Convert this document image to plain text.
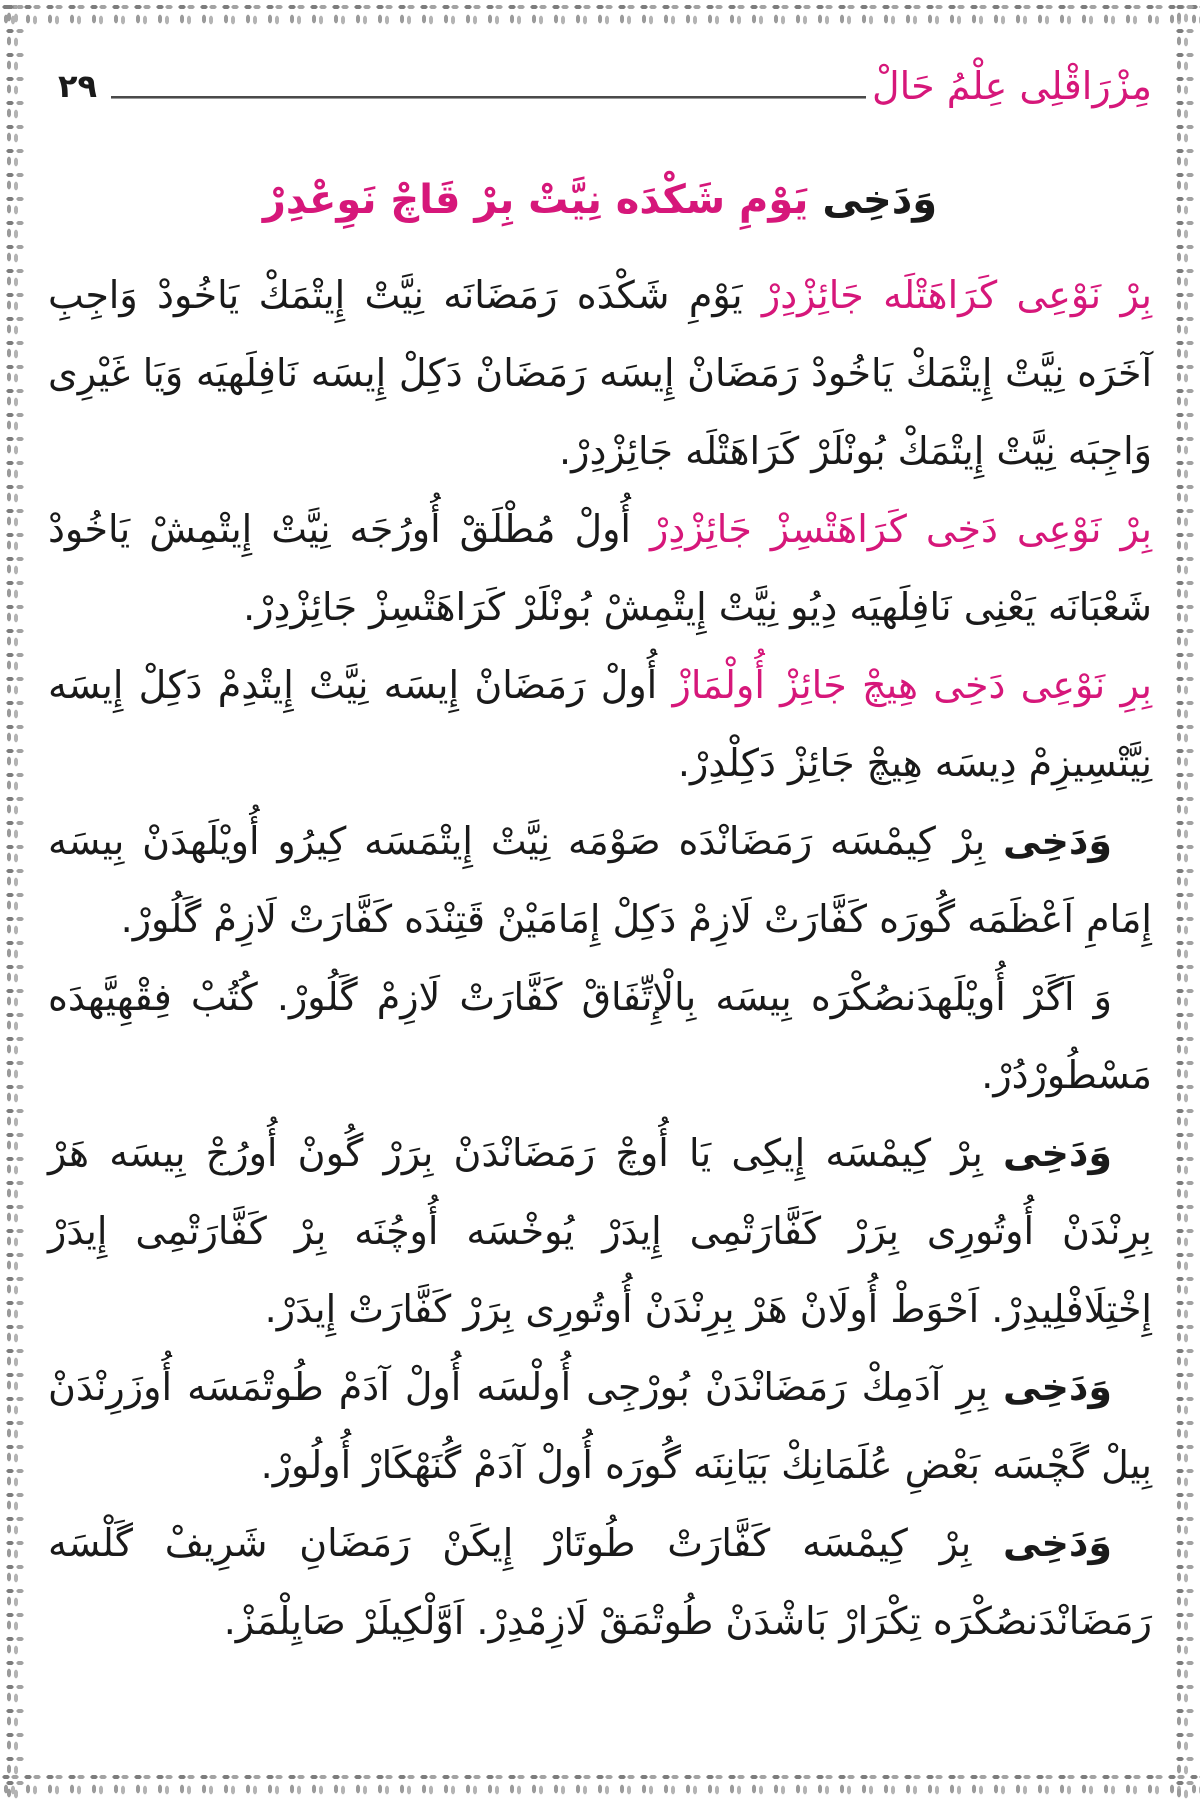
مِزْرَاقْلِى عِلْمُ حَالْ
٢٩
وَدَخِى يَوْمِ شَكْدَه نِيَّتْ بِرْ قَاچْ نَوِعْدِرْ

بِرْ نَوْعِى كَرَاهَتْلَه جَائِزْدِرْ يَوْمِ شَكْدَه رَمَضَانَه نِيَّتْ إِيتْمَكْ يَاخُودْ وَاجِبِ آخَرَه نِيَّتْ إِيتْمَكْ يَاخُودْ رَمَضَانْ إِيسَه رَمَضَانْ دَكِلْ إِيسَه نَافِلَهيَه وَيَا غَيْرِى وَاجِبَه نِيَّتْ إِيتْمَكْ بُونْلَرْ كَرَاهَتْلَه جَائِزْدِرْ.

بِرْ نَوْعِى دَخِى كَرَاهَتْسِزْ جَائِزْدِرْ أُولْ مُطْلَقْ أُورُجَه نِيَّتْ إِيتْمِشْ يَاخُودْ شَعْبَانَه يَعْنِى نَافِلَهيَه دِيُو نِيَّتْ إِيتْمِشْ بُونْلَرْ كَرَاهَتْسِزْ جَائِزْدِرْ.

بِرِ نَوْعِى دَخِى هِيچْ جَائِزْ أُولْمَازْ أُولْ رَمَضَانْ إِيسَه نِيَّتْ إِيتْدِمْ دَكِلْ إِيسَه نِيَّتْسِيزِمْ دِيسَه هِيچْ جَائِزْ دَكِلْدِرْ.

وَدَخِى بِرْ كِيمْسَه رَمَضَانْدَه صَوْمَه نِيَّتْ إِيتْمَسَه كِيرُو أُويْلَهدَنْ بِيسَه إِمَامِ اَعْظَمَه گُورَه كَفَّارَتْ لَازِمْ دَكِلْ إِمَامَيْنْ قَتِنْدَه كَفَّارَتْ لَازِمْ گَلُورْ.

وَ اَگَرْ أُويْلَهدَنصُكْرَه بِيسَه بِالْإِتِّفَاقْ كَفَّارَتْ لَازِمْ گَلُورْ. كُتُبْ فِقْهِيَّهدَه مَسْطُورْدُرْ.

وَدَخِى بِرْ كِيمْسَه إِيكِى يَا أُوچْ رَمَضَانْدَنْ بِرَرْ گُونْ أُورُجْ بِيسَه هَرْ بِرِنْدَنْ أُوتُورِى بِرَرْ كَفَّارَتْمِى إِيدَرْ يُوخْسَه أُوچُنَه بِرْ كَفَّارَتْمِى إِيدَرْ إِخْتِلَافْلِيدِرْ. اَحْوَطْ أُولَانْ هَرْ بِرِنْدَنْ أُوتُورِى بِرَرْ كَفَّارَتْ إِيدَرْ.

وَدَخِى بِرِ آدَمِكْ رَمَضَانْدَنْ بُورْجِى أُولْسَه أُولْ آدَمْ طُوتْمَسَه أُوزَرِنْدَنْ بِيلْ گَچْسَه بَعْضِ عُلَمَانِكْ بَيَانِنَه گُورَه أُولْ آدَمْ گُنَهْكَارْ أُولُورْ.

وَدَخِى بِرْ كِيمْسَه كَفَّارَتْ طُوتَارْ إِيكَنْ رَمَضَانِ شَرِيفْ گَلْسَه رَمَضَانْدَنصُكْرَه تِكْرَارْ بَاشْدَنْ طُوتْمَقْ لَازِمْدِرْ. اَوَّلْكِيلَرْ صَايِلْمَزْ.
